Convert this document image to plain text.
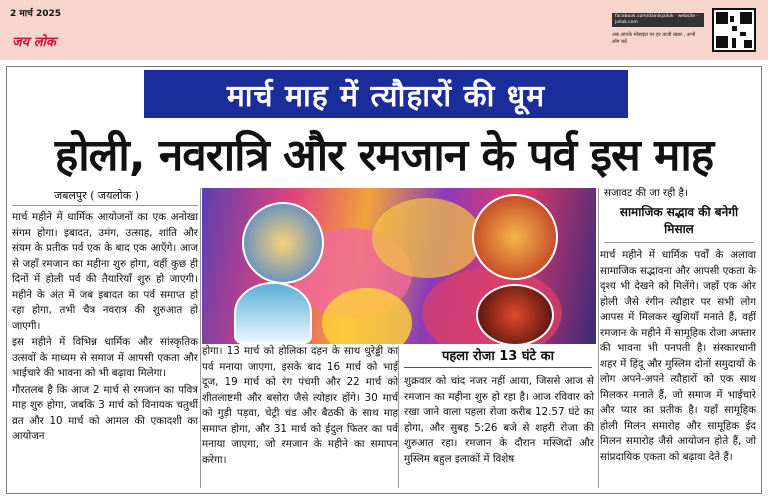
2 मार्च 2025
जय लोक
facebook.com/dainikjailok · website - jailok.com
अब आपके मोबाइल पर हर ताजी खबर , अभी लॉग करें
मार्च माह में त्यौहारों की धूम
होली, नवरात्रि और रमजान के पर्व इस माह
जबलपुर ( जयलोक )

मार्च महीने में धार्मिक आयोजनों का एक अनोखा संगम होगा। इबादत, उमंग, उत्साह, शांति और संयम के प्रतीक पर्व एक के बाद एक आएँगे। आज से जहाँ रमजान का महीना शुरु होगा, वहीं कुछ ही दिनों में होली पर्व की तैयारियाँ शुरु हो जाएगी। महीने के अंत में जब इबादत का पर्व समाप्त हो रहा होगा, तभी चैत्र नवरात्र की शुरुआत हो जाएगी।

इस महीने में विभिन्न धार्मिक और सांस्कृतिक उत्सवों के माध्यम से समाज में आपसी एकता और भाईचारे की भावना को भी बढ़ावा मिलेगा।

गौरतलब है कि आज 2 मार्च से रमजान का पवित्र माह शुरु होगा, जबकि 3 मार्च को विनायक चतुर्थी व्रत और 10 मार्च को आमल की एकादशी का आयोजन

होगा। 13 मार्च को होलिका दहन के साथ धुरेड्डी का पर्व मनाया जाएगा, इसके बाद 16 मार्च को भाई दूज, 19 मार्च को रंग पंचमी और 22 मार्च को शीतलाष्टमी और बसोरा जैसे त्योहार होंगे। 30 मार्च को गुड़ी पड़वा, चेट्री चंड और बैठकी के साथ माह समाप्त होगा, और 31 मार्च को ईदुल फितर का पर्व मनाया जाएगा, जो रमजान के महीने का समापन करेगा।

पहला रोजा 13 घंटे का

शुक्रवार को चांद नजर नहीं आया, जिससे आज से रमजान का महीना शुरु हो रहा है। आज रविवार को रखा जाने वाला पहला रोजा करीब 12.57 घंटे का होगा, और सुबह 5:26 बजे से शहरी रोजा की शुरुआत रहा। रमजान के दौरान मस्जिदों और मुस्लिम बहुल इलाकों में विशेष

सजावट की जा रही है।
सामाजिक सद्भाव की बनेगी मिसाल

मार्च महीने में धार्मिक पर्वों के अलावा सामाजिक सद्भावना और आपसी एकता के दृश्य भी देखने को मिलेंगे। जहाँ एक ओर होली जैसे रंगीन त्यौहार पर सभी लोग आपस में मिलकर खुशियाँ मनाते हैं, वहीं रमजान के महीने में सामूहिक रोजा अफ्तार की भावना भी पनपती है। संस्कारधानी शहर में हिंदू और मुस्लिम दोनों समुदायों के लोग अपने-अपने त्यौहारों को एक साथ मिलकर मनाते हैं, जो समाज में भाईचारे और प्यार का प्रतीक है। यहाँ सामूहिक होली मिलन समारोह और सामूहिक ईद मिलन समारोह जैसे आयोजन होते हैं, जो सांप्रदायिक एकता को बढ़ावा देते हैं।
